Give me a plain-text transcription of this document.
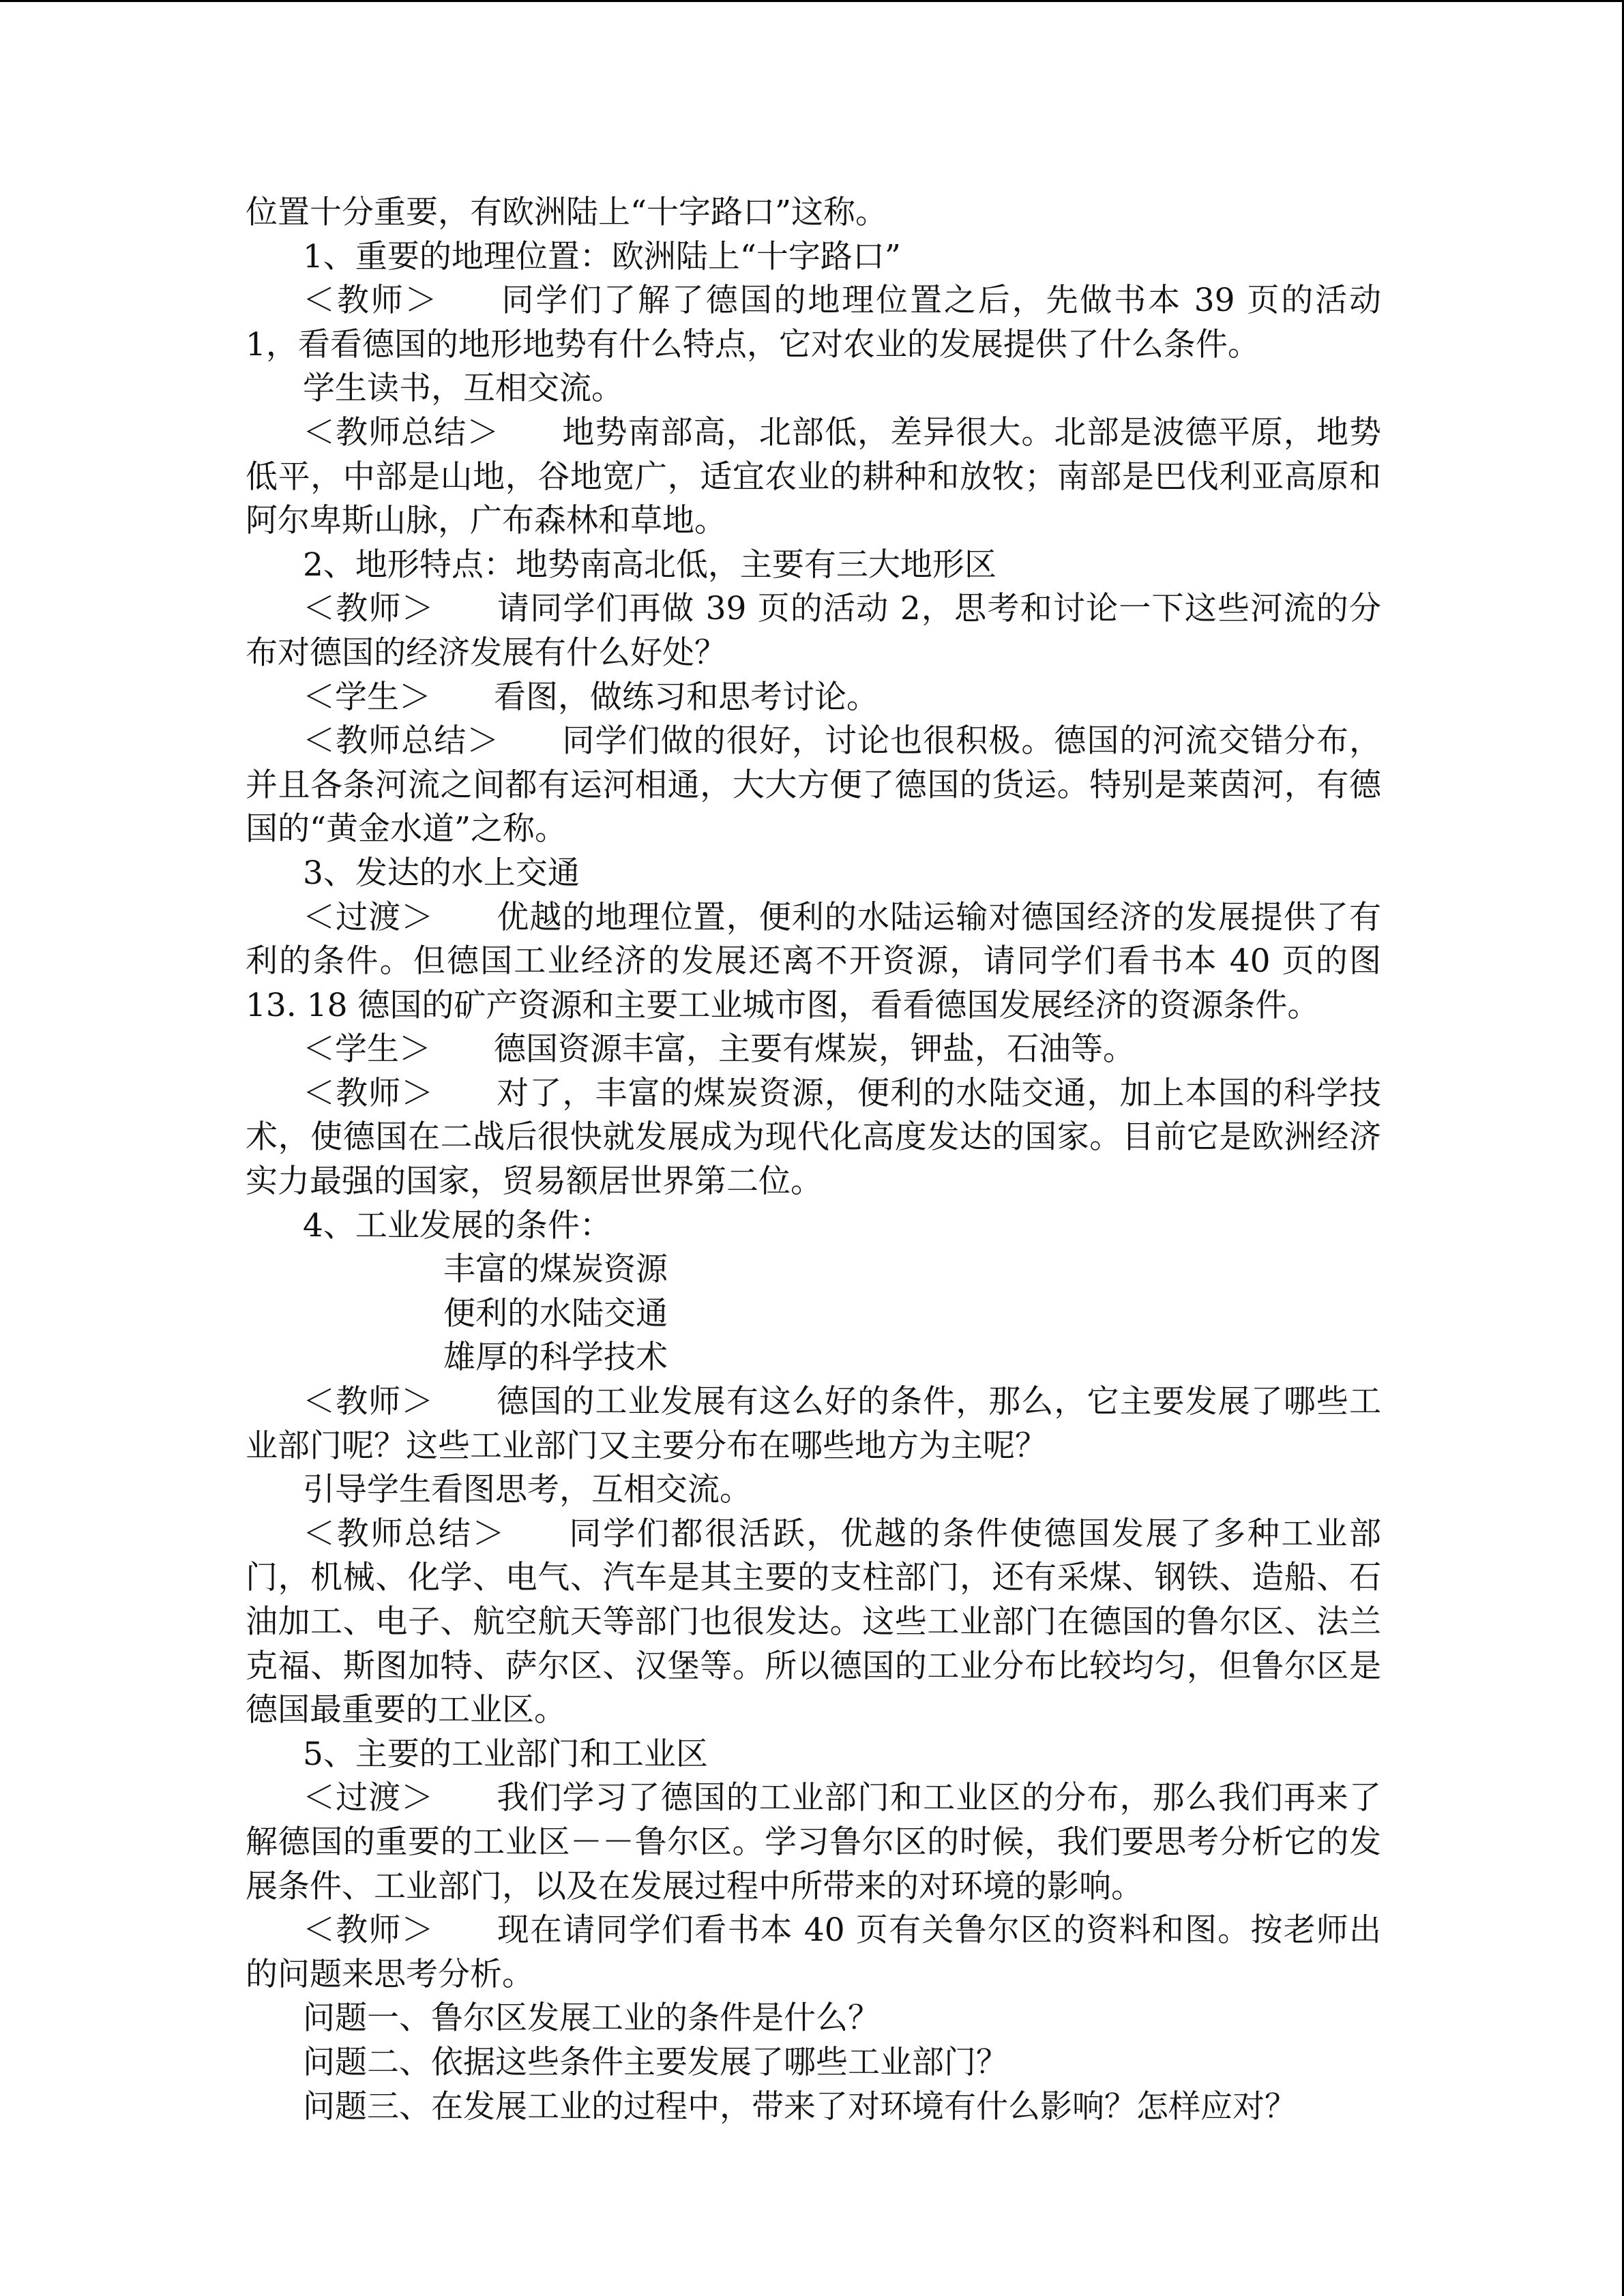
位置十分重要，有欧洲陆上“十字路口”这称。

1、重要的地理位置：欧洲陆上“十字路口”

＜教师＞ 同学们了解了德国的地理位置之后，先做书本 39 页的活动 1，看看德国的地形地势有什么特点，它对农业的发展提供了什么条件。

学生读书，互相交流。

＜教师总结＞ 地势南部高，北部低，差异很大。北部是波德平原，地势低平，中部是山地，谷地宽广，适宜农业的耕种和放牧；南部是巴伐利亚高原和阿尔卑斯山脉，广布森林和草地。

2、地形特点：地势南高北低，主要有三大地形区

＜教师＞ 请同学们再做 39 页的活动 2，思考和讨论一下这些河流的分布对德国的经济发展有什么好处？

＜学生＞ 看图，做练习和思考讨论。

＜教师总结＞ 同学们做的很好，讨论也很积极。德国的河流交错分布，并且各条河流之间都有运河相通，大大方便了德国的货运。特别是莱茵河，有德国的“黄金水道”之称。

3、发达的水上交通

＜过渡＞ 优越的地理位置，便利的水陆运输对德国经济的发展提供了有利的条件。但德国工业经济的发展还离不开资源，请同学们看书本 40 页的图 13. 18 德国的矿产资源和主要工业城市图，看看德国发展经济的资源条件。

＜学生＞ 德国资源丰富，主要有煤炭，钾盐，石油等。

＜教师＞ 对了，丰富的煤炭资源，便利的水陆交通，加上本国的科学技术，使德国在二战后很快就发展成为现代化高度发达的国家。目前它是欧洲经济实力最强的国家，贸易额居世界第二位。

4、工业发展的条件：

丰富的煤炭资源

便利的水陆交通

雄厚的科学技术

＜教师＞ 德国的工业发展有这么好的条件，那么，它主要发展了哪些工业部门呢？这些工业部门又主要分布在哪些地方为主呢？

引导学生看图思考，互相交流。

＜教师总结＞ 同学们都很活跃，优越的条件使德国发展了多种工业部门，机械、化学、电气、汽车是其主要的支柱部门，还有采煤、钢铁、造船、石油加工、电子、航空航天等部门也很发达。这些工业部门在德国的鲁尔区、法兰克福、斯图加特、萨尔区、汉堡等。所以德国的工业分布比较均匀，但鲁尔区是德国最重要的工业区。

5、主要的工业部门和工业区

＜过渡＞ 我们学习了德国的工业部门和工业区的分布，那么我们再来了解德国的重要的工业区－－鲁尔区。学习鲁尔区的时候，我们要思考分析它的发展条件、工业部门，以及在发展过程中所带来的对环境的影响。

＜教师＞ 现在请同学们看书本 40 页有关鲁尔区的资料和图。按老师出的问题来思考分析。

问题一、鲁尔区发展工业的条件是什么？

问题二、依据这些条件主要发展了哪些工业部门？

问题三、在发展工业的过程中，带来了对环境有什么影响？怎样应对？
